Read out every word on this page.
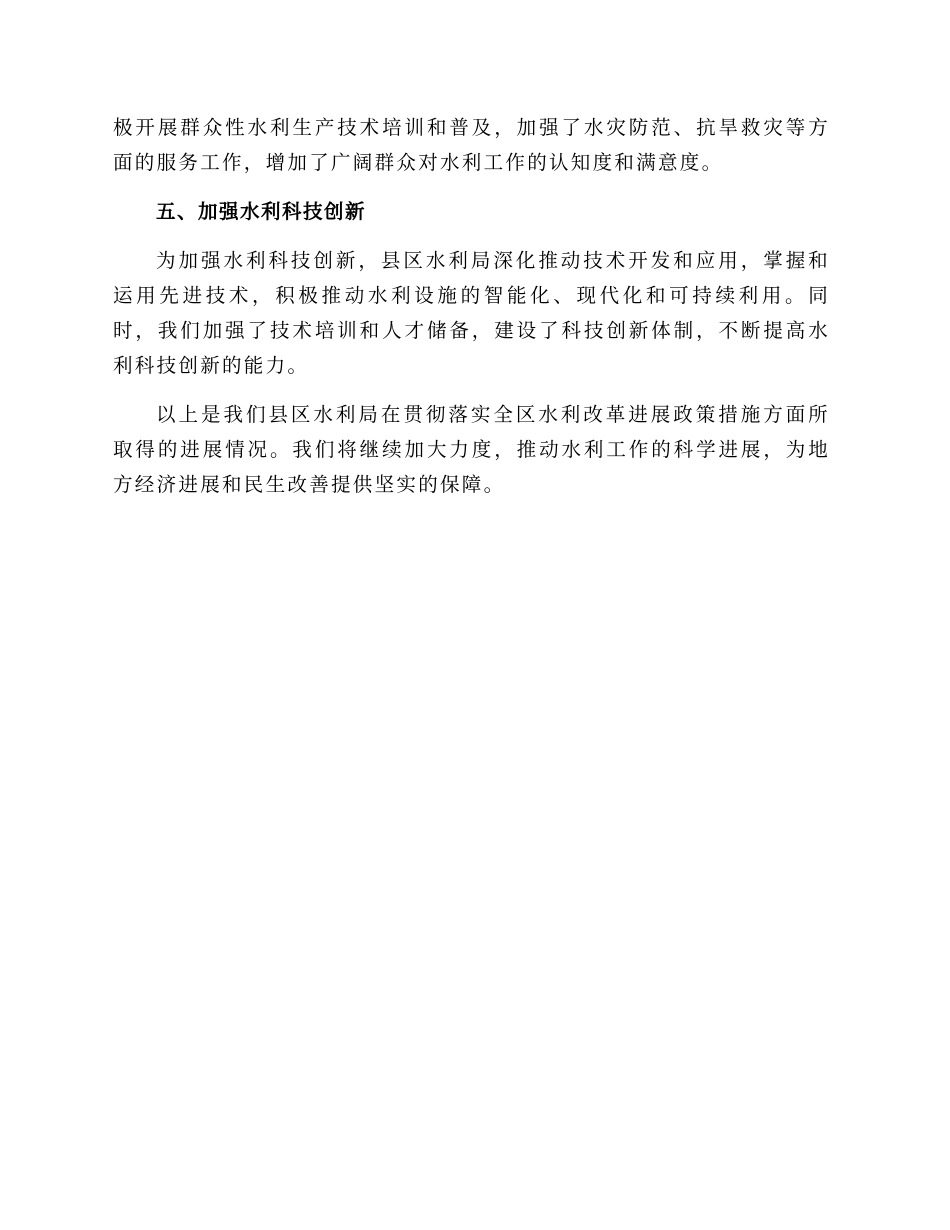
极开展群众性水利生产技术培训和普及，加强了水灾防范、抗旱救灾等方面的服务工作，增加了广阔群众对水利工作的认知度和满意度。

五、加强水利科技创新

为加强水利科技创新，县区水利局深化推动技术开发和应用，掌握和运用先进技术，积极推动水利设施的智能化、现代化和可持续利用。同时，我们加强了技术培训和人才储备，建设了科技创新体制，不断提高水利科技创新的能力。

以上是我们县区水利局在贯彻落实全区水利改革进展政策措施方面所取得的进展情况。我们将继续加大力度，推动水利工作的科学进展，为地方经济进展和民生改善提供坚实的保障。
